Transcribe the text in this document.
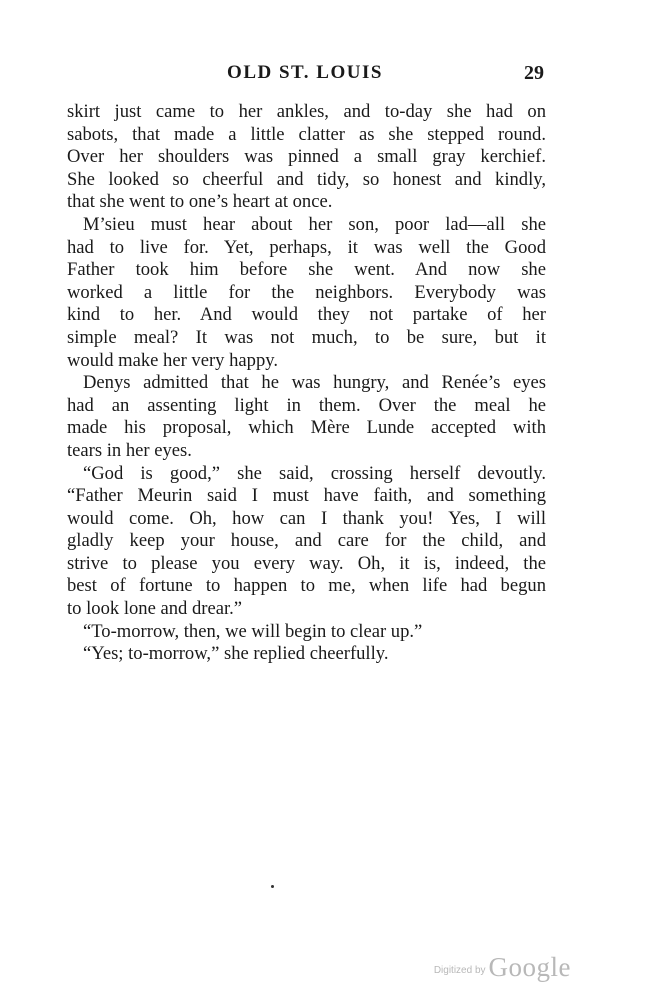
OLD ST. LOUIS	29
skirt just came to her ankles, and to-day she had on
sabots, that made a little clatter as she stepped round.
Over her shoulders was pinned a small gray kerchief.
She looked so cheerful and tidy, so honest and kindly,
that she went to one’s heart at once.
M’sieu must hear about her son, poor lad—all she
had to live for. Yet, perhaps, it was well the Good
Father took him before she went. And now she
worked a little for the neighbors. Everybody was
kind to her. And would they not partake of her
simple meal? It was not much, to be sure, but it
would make her very happy.
Denys admitted that he was hungry, and Renée’s eyes
had an assenting light in them. Over the meal he
made his proposal, which Mère Lunde accepted with
tears in her eyes.
“God is good,” she said, crossing herself devoutly.
“Father Meurin said I must have faith, and something
would come. Oh, how can I thank you! Yes, I will
gladly keep your house, and care for the child, and
strive to please you every way. Oh, it is, indeed, the
best of fortune to happen to me, when life had begun
to look lone and drear.”
“To-morrow, then, we will begin to clear up.”
“Yes; to-morrow,” she replied cheerfully.
Digitized by Google
